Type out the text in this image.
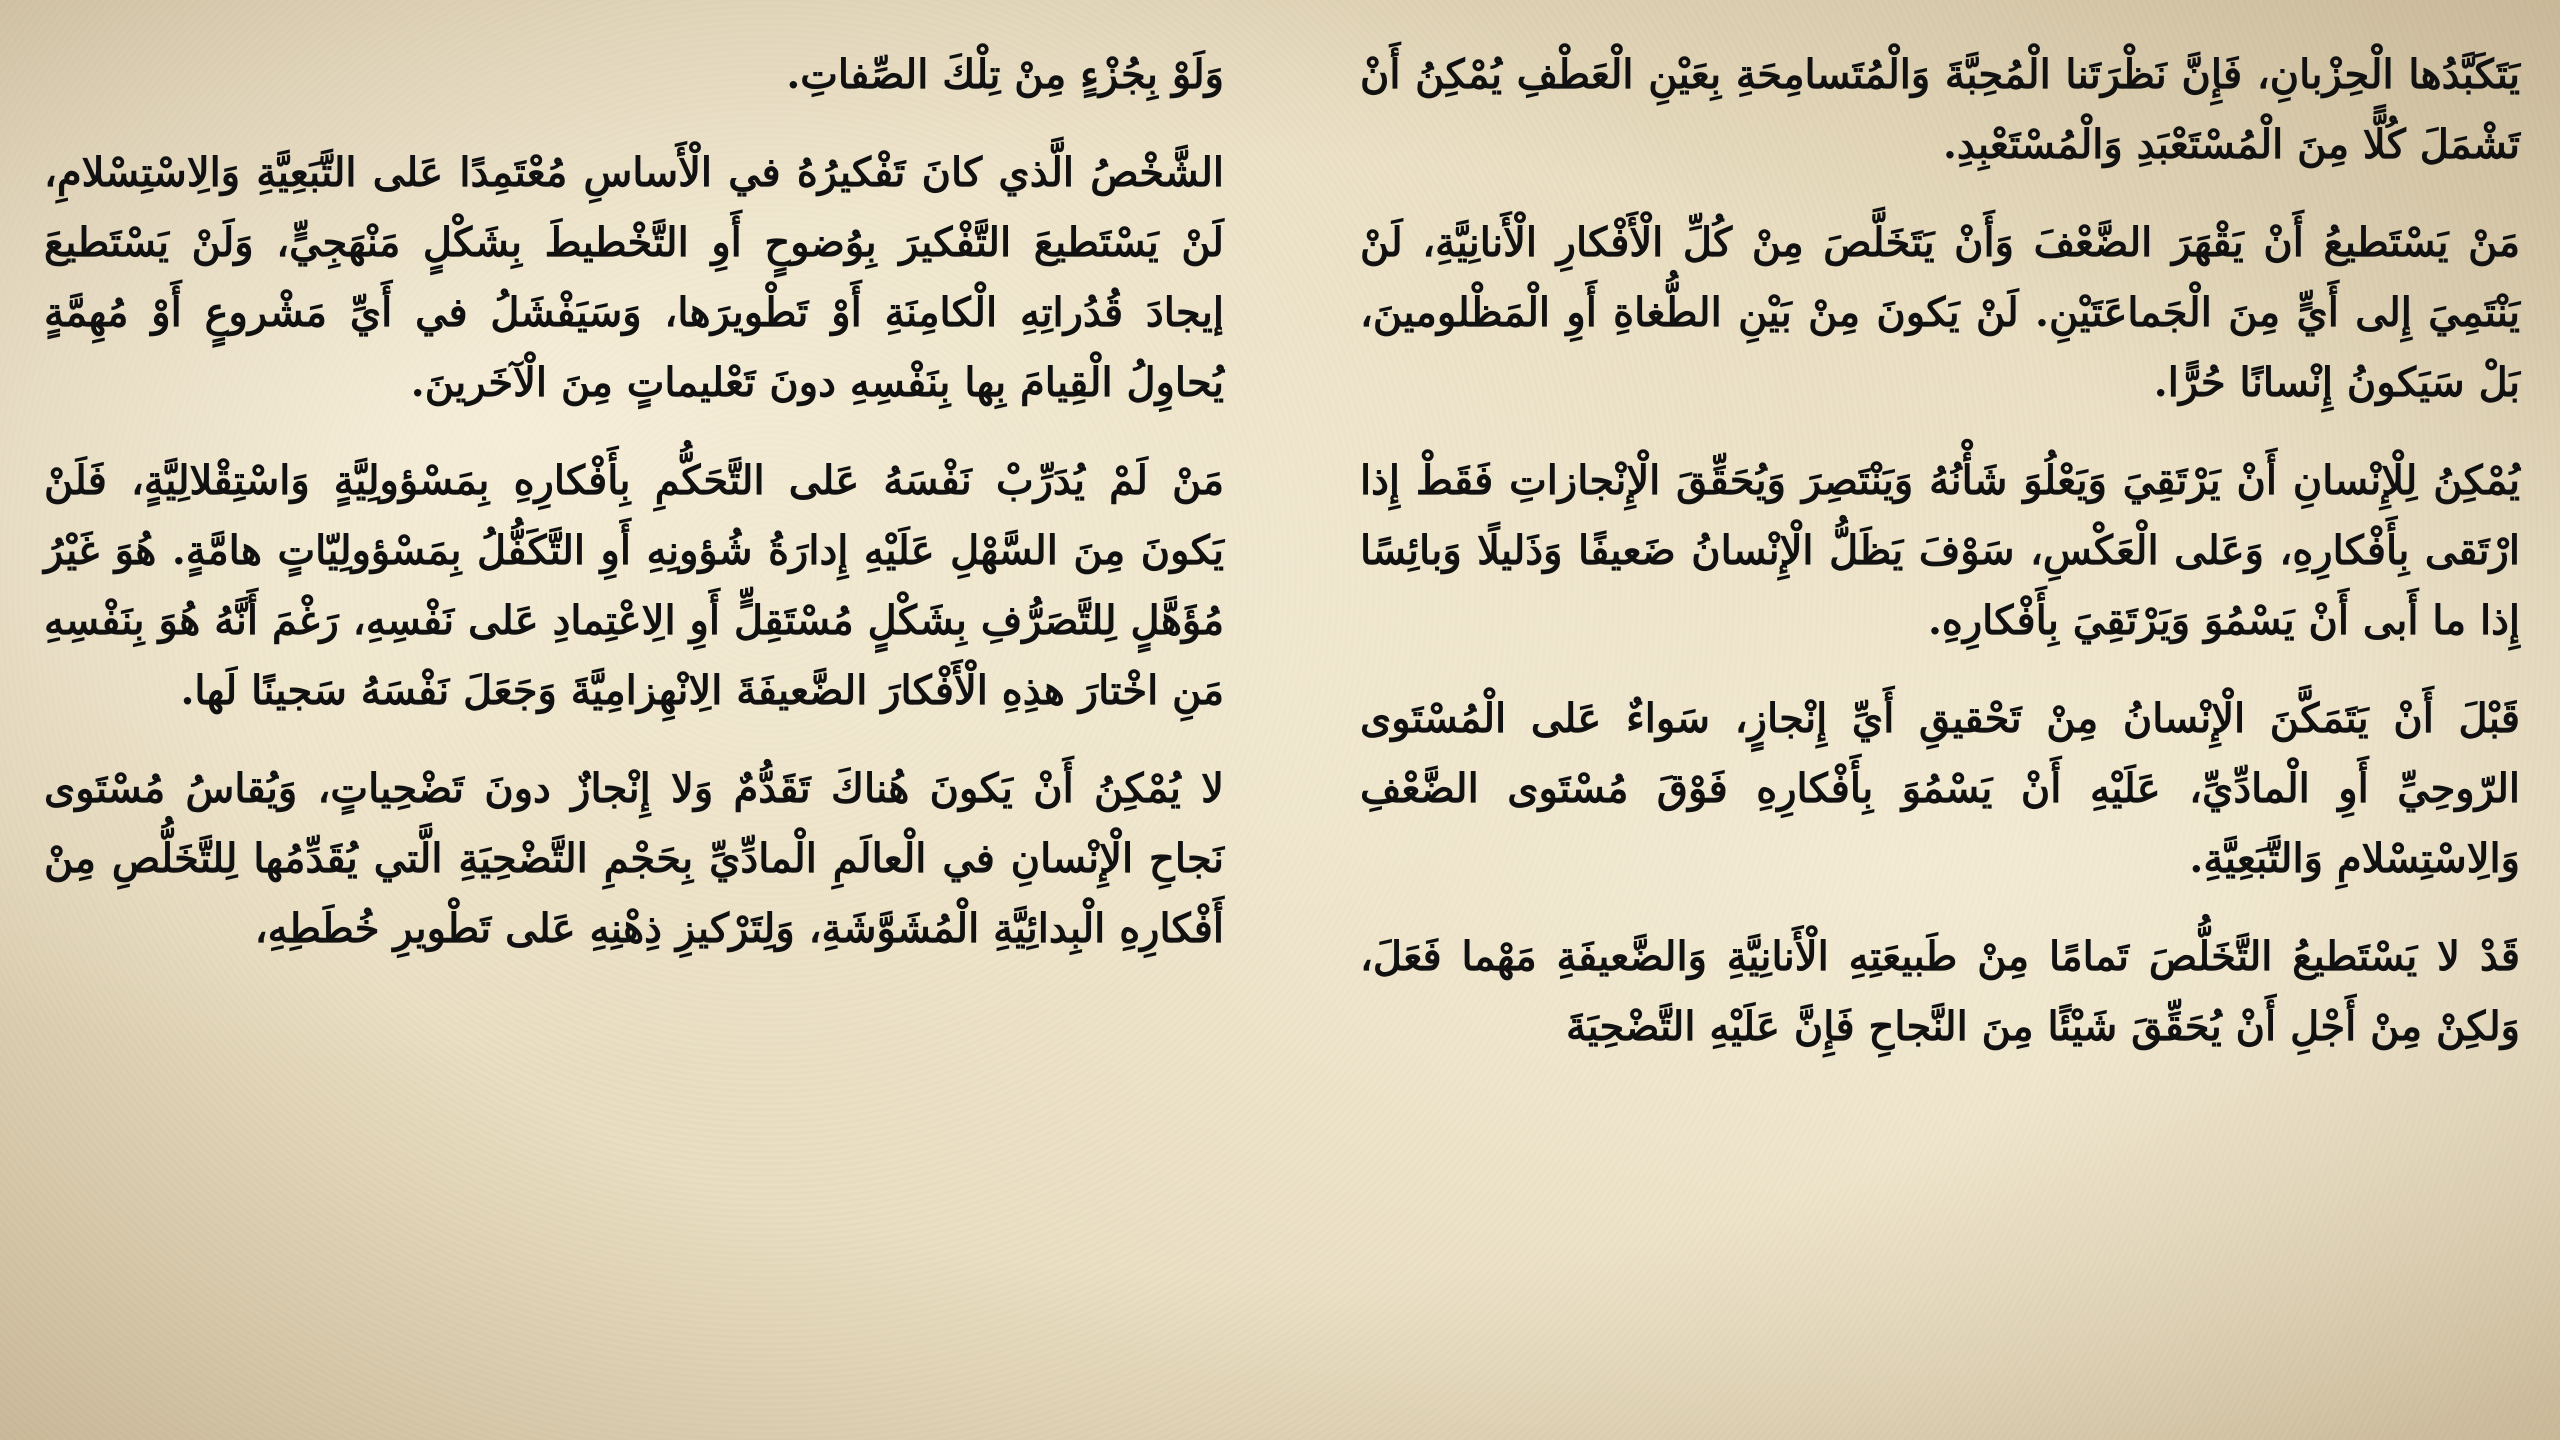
يَتَكَبَّدُها الْحِزْبانِ، فَإِنَّ نَظْرَتَنا الْمُحِبَّةَ وَالْمُتَسامِحَةِ بِعَيْنِ الْعَطْفِ يُمْكِنُ أَنْ تَشْمَلَ كُلًّا مِنَ الْمُسْتَعْبَدِ وَالْمُسْتَعْبِدِ.

مَنْ يَسْتَطيعُ أَنْ يَقْهَرَ الضَّعْفَ وَأَنْ يَتَخَلَّصَ مِنْ كُلِّ الْأَفْكارِ الْأَنانِيَّةِ، لَنْ يَنْتَمِيَ إِلى أَيٍّ مِنَ الْجَماعَتَيْنِ. لَنْ يَكونَ مِنْ بَيْنِ الطُّغاةِ أَوِ الْمَظْلومينَ، بَلْ سَيَكونُ إِنْسانًا حُرًّا.

يُمْكِنُ لِلْإِنْسانِ أَنْ يَرْتَقِيَ وَيَعْلُوَ شَأْنُهُ وَيَنْتَصِرَ وَيُحَقِّقَ الْإِنْجازاتِ فَقَطْ إِذا ارْتَقى بِأَفْكارِهِ، وَعَلى الْعَكْسِ، سَوْفَ يَظَلُّ الْإِنْسانُ ضَعيفًا وَذَليلًا وَبائِسًا إِذا ما أَبى أَنْ يَسْمُوَ وَيَرْتَقِيَ بِأَفْكارِهِ.

قَبْلَ أَنْ يَتَمَكَّنَ الْإِنْسانُ مِنْ تَحْقيقِ أَيِّ إِنْجازٍ، سَواءٌ عَلى الْمُسْتَوى الرّوحِيِّ أَوِ الْمادِّيِّ، عَلَيْهِ أَنْ يَسْمُوَ بِأَفْكارِهِ فَوْقَ مُسْتَوى الضَّعْفِ وَالِاسْتِسْلامِ وَالتَّبَعِيَّةِ.

قَدْ لا يَسْتَطيعُ التَّخَلُّصَ تَمامًا مِنْ طَبيعَتِهِ الْأَنانِيَّةِ وَالضَّعيفَةِ مَهْما فَعَلَ، وَلكِنْ مِنْ أَجْلِ أَنْ يُحَقِّقَ شَيْئًا مِنَ النَّجاحِ فَإِنَّ عَلَيْهِ التَّضْحِيَةَ

وَلَوْ بِجُزْءٍ مِنْ تِلْكَ الصِّفاتِ.

الشَّخْصُ الَّذي كانَ تَفْكيرُهُ في الْأَساسِ مُعْتَمِدًا عَلى التَّبَعِيَّةِ وَالِاسْتِسْلامِ، لَنْ يَسْتَطيعَ التَّفْكيرَ بِوُضوحٍ أَوِ التَّخْطيطَ بِشَكْلٍ مَنْهَجِيٍّ، وَلَنْ يَسْتَطيعَ إيجادَ قُدُراتِهِ الْكامِنَةِ أَوْ تَطْويرَها، وَسَيَفْشَلُ في أَيِّ مَشْروعٍ أَوْ مُهِمَّةٍ يُحاوِلُ الْقِيامَ بِها بِنَفْسِهِ دونَ تَعْليماتٍ مِنَ الْآخَرينَ.

مَنْ لَمْ يُدَرِّبْ نَفْسَهُ عَلى التَّحَكُّمِ بِأَفْكارِهِ بِمَسْؤولِيَّةٍ وَاسْتِقْلالِيَّةٍ، فَلَنْ يَكونَ مِنَ السَّهْلِ عَلَيْهِ إِدارَةُ شُؤونِهِ أَوِ التَّكَفُّلُ بِمَسْؤولِيّاتٍ هامَّةٍ. هُوَ غَيْرُ مُؤَهَّلٍ لِلتَّصَرُّفِ بِشَكْلٍ مُسْتَقِلٍّ أَوِ الِاعْتِمادِ عَلى نَفْسِهِ، رَغْمَ أَنَّهُ هُوَ بِنَفْسِهِ مَنِ اخْتارَ هذِهِ الْأَفْكارَ الضَّعيفَةَ الِانْهِزامِيَّةَ وَجَعَلَ نَفْسَهُ سَجينًا لَها.

لا يُمْكِنُ أَنْ يَكونَ هُناكَ تَقَدُّمٌ وَلا إِنْجازٌ دونَ تَضْحِياتٍ، وَيُقاسُ مُسْتَوى نَجاحِ الْإِنْسانِ في الْعالَمِ الْمادِّيِّ بِحَجْمِ التَّضْحِيَةِ الَّتي يُقَدِّمُها لِلتَّخَلُّصِ مِنْ أَفْكارِهِ الْبِدائِيَّةِ الْمُشَوَّشَةِ، وَلِتَرْكيزِ ذِهْنِهِ عَلى تَطْويرِ خُطَطِهِ،
